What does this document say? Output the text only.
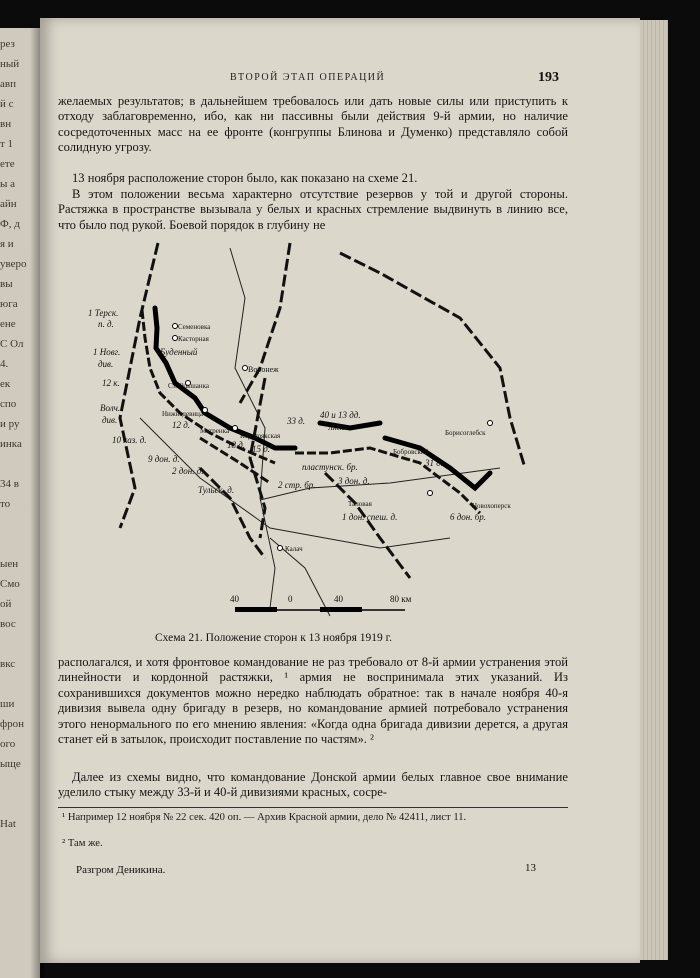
рез
ный
авп
й с
вн
т 1
ете
ы а
айн
Ф, д
я и
уверо
вы
юга
ене
С Ол
4.
ек
спо
и ру
инка
34 в
то
ыен
Смо
ой
вос
вкс
ши
фрон
ого
ыще
Hat
ВТОРОЙ ЭТАП ОПЕРАЦИЙ	193

желаемых результатов; в дальнейшем требовалось или дать новые силы или приступить к отходу заблаговременно, ибо, как ни пассивны были действия 9-й армии, но наличие сосредоточенных масс на ее фронте (конгруппы Блинова и Думенко) представляло собой солидную угрозу.

13 ноября расположение сторон было, как показано на схеме 21.

В этом положении весьма характерно отсутствие резервов у той и другой стороны. Растяжка в пространстве вызывала у белых и красных стремление выдвинуть в линию все, что было под рукой. Боевой порядок в глубину не

1 Терск.
п. д.	Семеновка
Касторная
Буденный
1 Новг.
див.
12 к.	Ст. Ольшанка
Воронеж
Волч.
див.
Нижнедевица
12 д.
10 каз. д.
Матренка
18 д. 15 д.
Коротоякская
33 д.
40 и 13 дд.
Лиски
Бобровский
31 д.
Борисоглебск
9 дон. д.
2 дон. д.	пластунск. бр.
2 стр. бр. 3 дон. д.
Тульск. д.
Таловая
1 дон. спеш. д.
Новохоперск
6 дон. бр.
Калач
40	0	40	80 км
Схема 21. Положение сторон к 13 ноября 1919 г.

располагался, и хотя фронтовое командование не раз требовало от 8-й армии устранения этой линейности и кордонной растяжки, ¹ армия не воспринимала этих указаний. Из сохранившихся документов можно нередко наблюдать обратное: так в начале ноября 40-я дивизия вывела одну бригаду в резерв, но командование армией потребовало устранения этого ненормального по его мнению явления: «Когда одна бригада дивизии дерется, а другая станет ей в затылок, происходит поставление по частям». ²

Далее из схемы видно, что командование Донской армии белых главное свое внимание уделило стыку между 33-й и 40-й дивизиями красных, сосре-

¹ Например 12 ноября № 22 сек. 420 оп. — Архив Красной армии, дело № 42411, лист 11.

² Там же.

Разгром Деникина.	13
